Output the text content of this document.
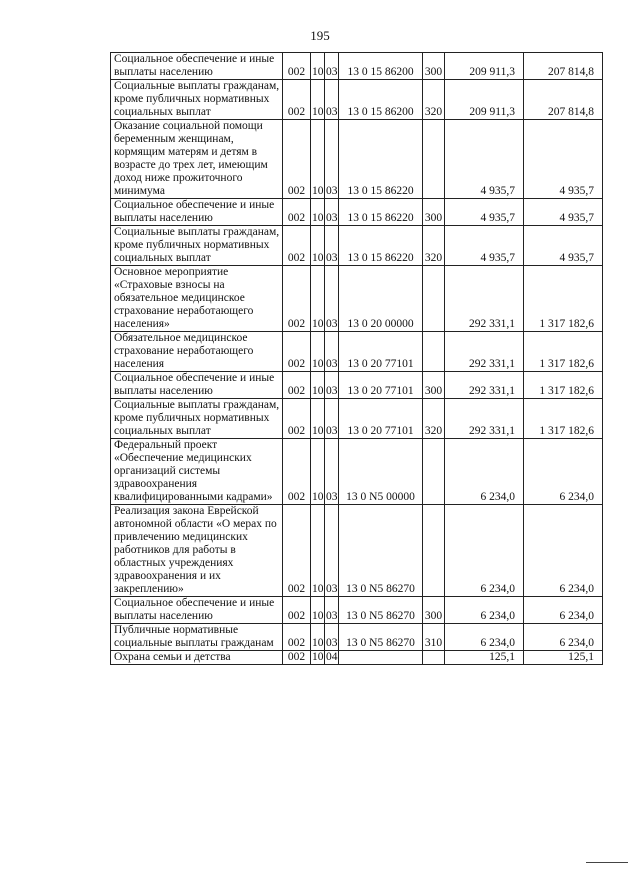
195
Социальное обеспечение и иные выплаты населению	002	10	03	13 0 15 86200	300	209 911,3	207 814,8

Социальные выплаты гражданам, кроме публичных нормативных социальных выплат	002	10	03	13 0 15 86200	320	209 911,3	207 814,8

Оказание социальной помощи беременным женщинам, кормящим матерям и детям в возрасте до трех лет, имеющим доход ниже прожиточного минимума	002	10	03	13 0 15 86220		4 935,7	4 935,7

Социальное обеспечение и иные выплаты населению	002	10	03	13 0 15 86220	300	4 935,7	4 935,7

Социальные выплаты гражданам, кроме публичных нормативных социальных выплат	002	10	03	13 0 15 86220	320	4 935,7	4 935,7

Основное мероприятие «Страховые взносы на обязательное медицинское страхование неработающего населения»	002	10	03	13 0 20 00000		292 331,1	1 317 182,6

Обязательное медицинское страхование неработающего населения	002	10	03	13 0 20 77101		292 331,1	1 317 182,6

Социальное обеспечение и иные выплаты населению	002	10	03	13 0 20 77101	300	292 331,1	1 317 182,6

Социальные выплаты гражданам, кроме публичных нормативных социальных выплат	002	10	03	13 0 20 77101	320	292 331,1	1 317 182,6

Федеральный проект «Обеспечение медицинских организаций системы здравоохранения квалифицированными кадрами»	002	10	03	13 0 N5 00000		6 234,0	6 234,0

Реализация закона Еврейской автономной области «О мерах по привлечению медицинских работников для работы в областных учреждениях здравоохранения и их закреплению»	002	10	03	13 0 N5 86270		6 234,0	6 234,0

Социальное обеспечение и иные выплаты населению	002	10	03	13 0 N5 86270	300	6 234,0	6 234,0

Публичные нормативные социальные выплаты гражданам	002	10	03	13 0 N5 86270	310	6 234,0	6 234,0

Охрана семьи и детства	002	10	04			125,1	125,1
